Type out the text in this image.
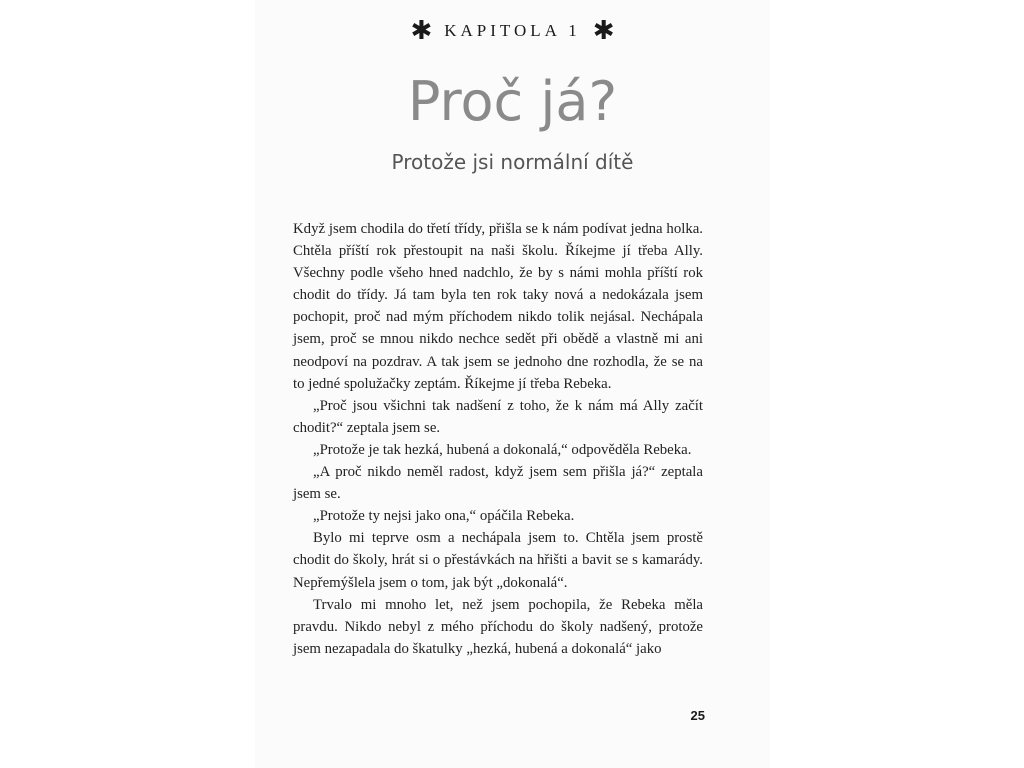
✱ KAPITOLA 1 ✱
Proč já?
Protože jsi normální dítě

Když jsem chodila do třetí třídy, přišla se k nám podívat jedna holka. Chtěla příští rok přestoupit na naši školu. Říkejme jí třeba Ally. Všechny podle všeho hned nadchlo, že by s námi mohla příští rok chodit do třídy. Já tam byla ten rok taky nová a nedokázala jsem pochopit, proč nad mým příchodem nikdo tolik nejásal. Nechápala jsem, proč se mnou nikdo nechce sedět při obědě a vlastně mi ani neodpoví na pozdrav. A tak jsem se jednoho dne rozhodla, že se na to jedné spolužačky zeptám. Říkejme jí třeba Rebeka.

„Proč jsou všichni tak nadšení z toho, že k nám má Ally začít chodit?“ zeptala jsem se.

„Protože je tak hezká, hubená a dokonalá,“ odpověděla Rebeka.

„A proč nikdo neměl radost, když jsem sem přišla já?“ zeptala jsem se.

„Protože ty nejsi jako ona,“ opáčila Rebeka.

Bylo mi teprve osm a nechápala jsem to. Chtěla jsem prostě chodit do školy, hrát si o přestávkách na hřišti a bavit se s kamarády. Nepřemýšlela jsem o tom, jak být „dokonalá“.

Trvalo mi mnoho let, než jsem pochopila, že Rebeka měla pravdu. Nikdo nebyl z mého příchodu do školy nadšený, protože jsem nezapadala do škatulky „hezká, hubená a dokonalá“ jako

25
